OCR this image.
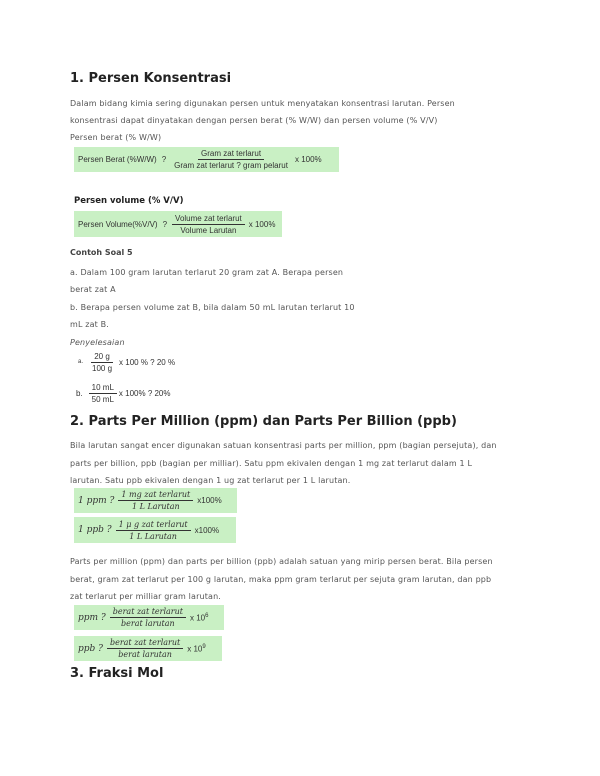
1. Persen Konsentrasi

Dalam bidang kimia sering digunakan persen untuk menyatakan konsentrasi larutan. Persen

konsentrasi dapat dinyatakan dengan persen berat (% W/W) dan persen volume (% V/V)

Persen berat (% W/W)

Persen Berat (%W/W) ? $\frac{\text{Gram zat terlarut}}{\text{Gram zat terlarut ? gram pelarut}}$ x 100%

Persen volume (% V/V)

Persen Volume(%V/V) ? $\frac{\text{Volume zat terlarut}}{\text{Volume Larutan}}$ x 100%

Contoh Soal 5

a. Dalam 100 gram larutan terlarut 20 gram zat A. Berapa persen

berat zat A

b. Berapa persen volume zat B, bila dalam 50 mL larutan terlarut 10

mL zat B.

Penyelesaian

a. $\frac{20 g}{100 g}$ x 100 % ? 20 %
b. $\frac{10 mL}{50 mL}$ x 100% ? 20%
2. Parts Per Million (ppm) dan Parts Per Billion (ppb)

Bila larutan sangat encer digunakan satuan konsentrasi parts per million, ppm (bagian persejuta), dan

parts per billion, ppb (bagian per milliar). Satu ppm ekivalen dengan 1 mg zat terlarut dalam 1 L

larutan. Satu ppb ekivalen dengan 1 ug zat terlarut per 1 L larutan.

1 ppm ? $\frac{\text{1 mg zat terlarut}}{\text{1 L Larutan}} x100\%$
1 ppb ? $\frac{\text{1 μ g zat terlarut}}{\text{1 L Larutan}} x100\%$

Parts per million (ppm) dan parts per billion (ppb) adalah satuan yang mirip persen berat. Bila persen

berat, gram zat terlarut per 100 g larutan, maka ppm gram terlarut per sejuta gram larutan, dan ppb

zat terlarut per milliar gram larutan.

ppm ? $\frac{\text{berat zat terlarut}}{\text{berat larutan}}$ x $10^6$
ppb ? $\frac{\text{berat zat terlarut}}{\text{berat larutan}}$ x $10^9$
3. Fraksi Mol
